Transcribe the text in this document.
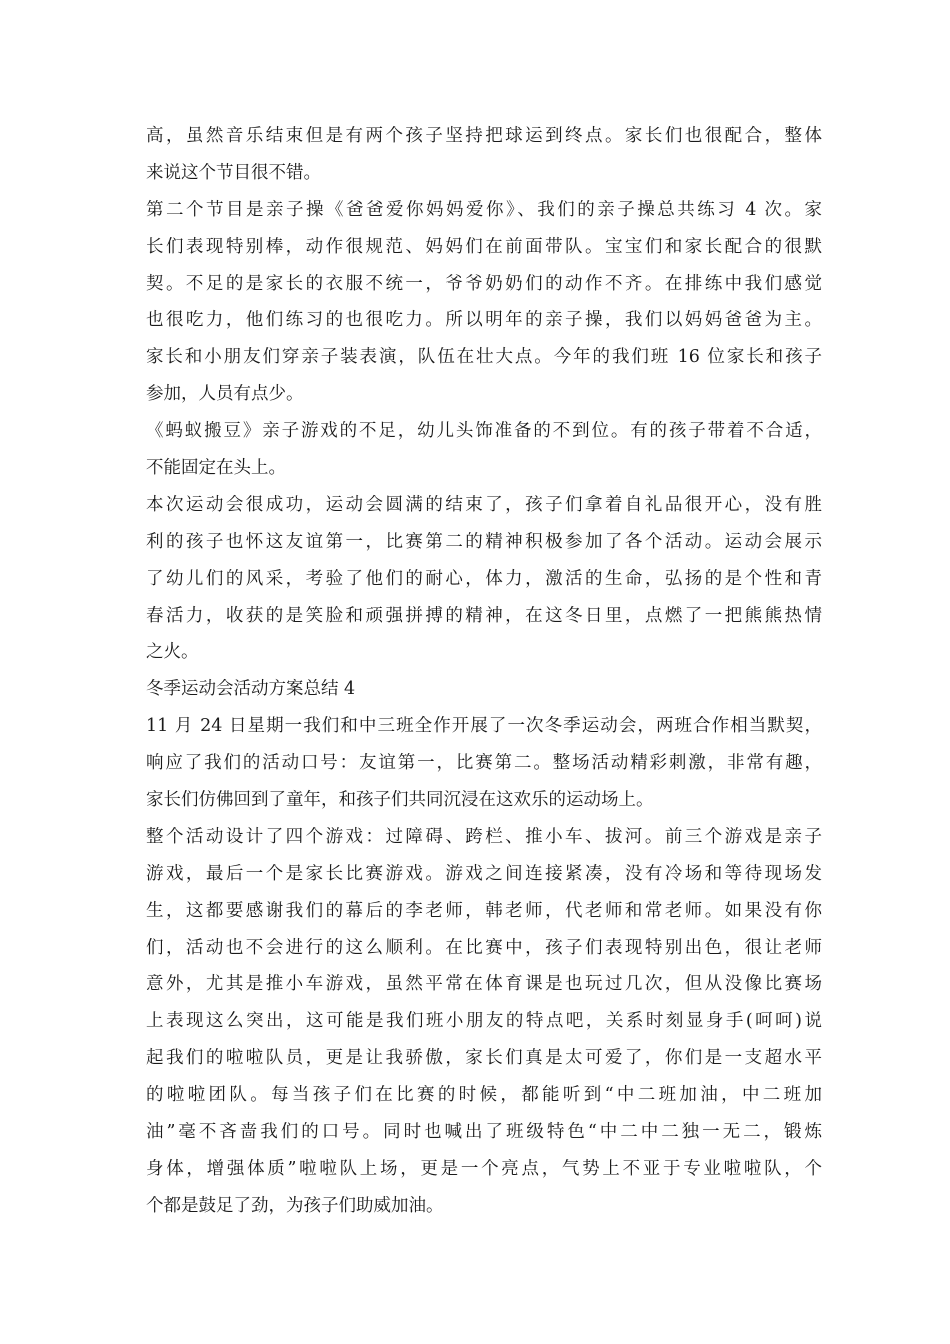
高，虽然音乐结束但是有两个孩子坚持把球运到终点。家长们也很配合，整体
来说这个节目很不错。
第二个节目是亲子操《爸爸爱你妈妈爱你》、我们的亲子操总共练习 4 次。家
长们表现特别棒，动作很规范、妈妈们在前面带队。宝宝们和家长配合的很默
契。不足的是家长的衣服不统一，爷爷奶奶们的动作不齐。在排练中我们感觉
也很吃力，他们练习的也很吃力。所以明年的亲子操，我们以妈妈爸爸为主。
家长和小朋友们穿亲子装表演，队伍在壮大点。今年的我们班 16 位家长和孩子
参加，人员有点少。
《蚂蚁搬豆》亲子游戏的不足，幼儿头饰准备的不到位。有的孩子带着不合适，
不能固定在头上。
本次运动会很成功，运动会圆满的结束了，孩子们拿着自礼品很开心，没有胜
利的孩子也怀这友谊第一，比赛第二的精神积极参加了各个活动。运动会展示
了幼儿们的风采，考验了他们的耐心，体力，激活的生命，弘扬的是个性和青
春活力，收获的是笑脸和顽强拼搏的精神，在这冬日里，点燃了一把熊熊热情
之火。
冬季运动会活动方案总结 4
11 月 24 日星期一我们和中三班全作开展了一次冬季运动会，两班合作相当默契，
响应了我们的活动口号：友谊第一，比赛第二。整场活动精彩刺激，非常有趣，
家长们仿佛回到了童年，和孩子们共同沉浸在这欢乐的运动场上。
整个活动设计了四个游戏：过障碍、跨栏、推小车、拔河。前三个游戏是亲子
游戏，最后一个是家长比赛游戏。游戏之间连接紧凑，没有冷场和等待现场发
生，这都要感谢我们的幕后的李老师，韩老师，代老师和常老师。如果没有你
们，活动也不会进行的这么顺利。在比赛中，孩子们表现特别出色，很让老师
意外，尤其是推小车游戏，虽然平常在体育课是也玩过几次，但从没像比赛场
上表现这么突出，这可能是我们班小朋友的特点吧，关系时刻显身手(呵呵)说
起我们的啦啦队员，更是让我骄傲，家长们真是太可爱了，你们是一支超水平
的啦啦团队。每当孩子们在比赛的时候，都能听到“中二班加油，中二班加
油”毫不吝啬我们的口号。同时也喊出了班级特色“中二中二独一无二，锻炼
身体，增强体质”啦啦队上场，更是一个亮点，气势上不亚于专业啦啦队，个
个都是鼓足了劲，为孩子们助威加油。
